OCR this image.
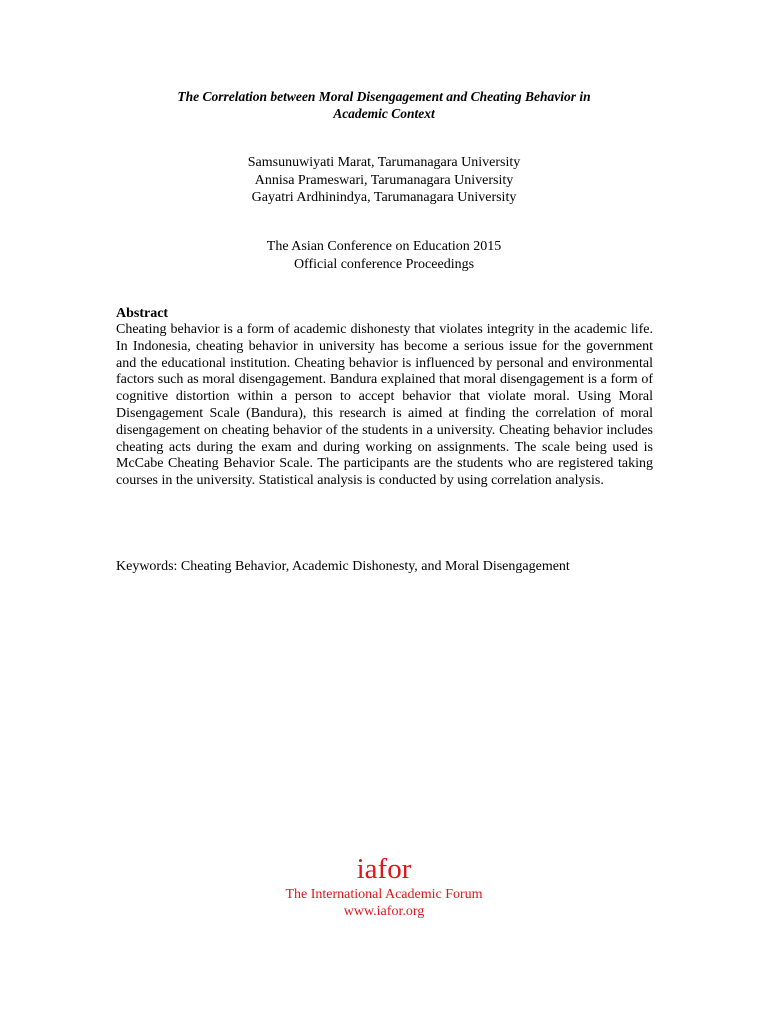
The Correlation between Moral Disengagement and Cheating Behavior in
Academic Context
Samsunuwiyati Marat, Tarumanagara University
Annisa Prameswari, Tarumanagara University
Gayatri Ardhinindya, Tarumanagara University
The Asian Conference on Education 2015
Official conference Proceedings
Abstract

Cheating behavior is a form of academic dishonesty that violates integrity in the academic life. In Indonesia, cheating behavior in university has become a serious issue for the government and the educational institution. Cheating behavior is influenced by personal and environmental factors such as moral disengagement. Bandura explained that moral disengagement is a form of cognitive distortion within a person to accept behavior that violate moral. Using Moral Disengagement Scale (Bandura), this research is aimed at finding the correlation of moral disengagement on cheating behavior of the students in a university. Cheating behavior includes cheating acts during the exam and during working on assignments. The scale being used is McCabe Cheating Behavior Scale. The participants are the students who are registered taking courses in the university. Statistical analysis is conducted by using correlation analysis.

Keywords: Cheating Behavior, Academic Dishonesty, and Moral Disengagement
iafor
The International Academic Forum
www.iafor.org
